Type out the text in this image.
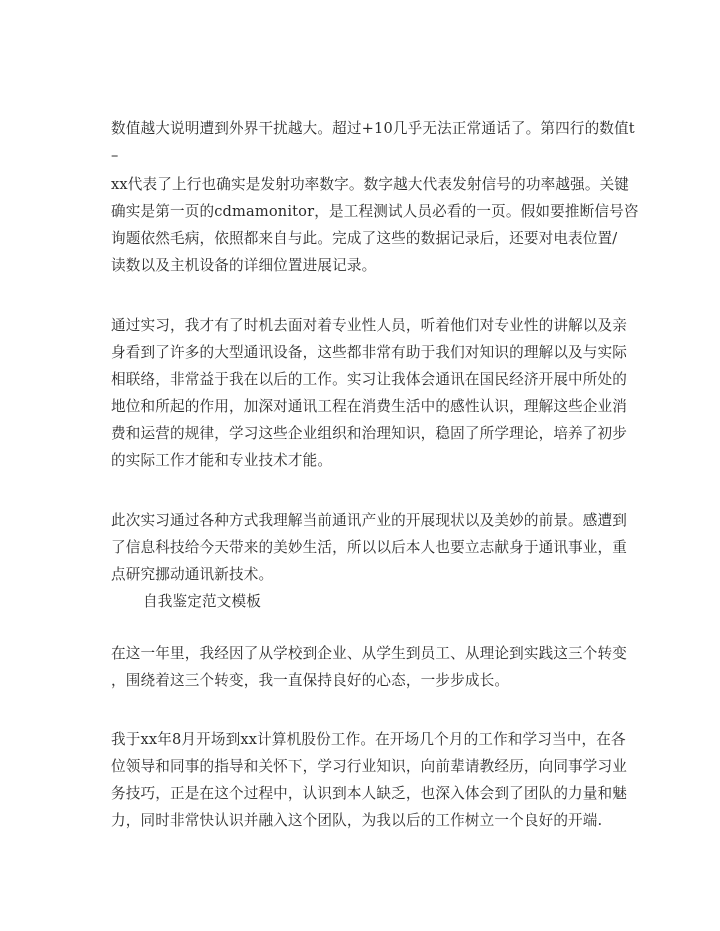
数值越大说明遭到外界干扰越大。超过+10几乎无法正常通话了。第四行的数值t
–
xx代表了上行也确实是发射功率数字。数字越大代表发射信号的功率越强。关键
确实是第一页的cdmamonitor，是工程测试人员必看的一页。假如要推断信号咨
询题依然毛病，依照都来自与此。完成了这些的数据记录后，还要对电表位置/
读数以及主机设备的详细位置进展记录。
通过实习，我才有了时机去面对着专业性人员，听着他们对专业性的讲解以及亲
身看到了许多的大型通讯设备，这些都非常有助于我们对知识的理解以及与实际
相联络，非常益于我在以后的工作。实习让我体会通讯在国民经济开展中所处的
地位和所起的作用，加深对通讯工程在消费生活中的感性认识，理解这些企业消
费和运营的规律，学习这些企业组织和治理知识，稳固了所学理论，培养了初步
的实际工作才能和专业技术才能。
此次实习通过各种方式我理解当前通讯产业的开展现状以及美妙的前景。感遭到
了信息科技给今天带来的美妙生活，所以以后本人也要立志献身于通讯事业，重
点研究挪动通讯新技术。
自我鉴定范文模板
在这一年里，我经因了从学校到企业、从学生到员工、从理论到实践这三个转变
，围绕着这三个转变，我一直保持良好的心态，一步步成长。
我于xx年8月开场到xx计算机股份工作。在开场几个月的工作和学习当中，在各
位领导和同事的指导和关怀下，学习行业知识，向前辈请教经历，向同事学习业
务技巧，正是在这个过程中，认识到本人缺乏，也深入体会到了团队的力量和魅
力，同时非常快认识并融入这个团队，为我以后的工作树立一个良好的开端.
